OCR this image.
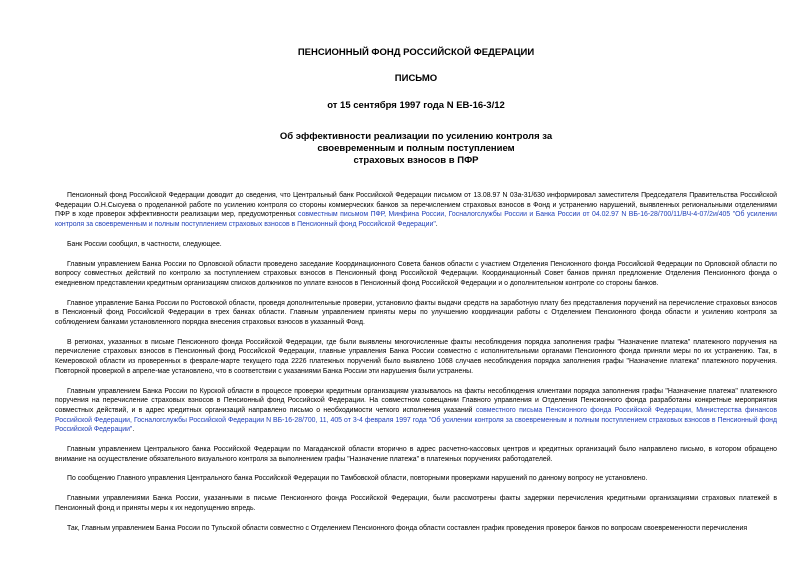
ПЕНСИОННЫЙ ФОНД РОССИЙСКОЙ ФЕДЕРАЦИИ
ПИСЬМО
от 15 сентября 1997 года N ЕВ-16-3/12
Об эффективности реализации по усилению контроля за
своевременным и полным поступлением
страховых взносов в ПФР

Пенсионный фонд Российской Федерации доводит до сведения, что Центральный банк Российской Федерации письмом от 13.08.97 N 03а-31/630 информировал заместителя Председателя Правительства Российской Федерации О.Н.Сысуева о проделанной работе по усилению контроля со стороны коммерческих банков за перечислением страховых взносов в Фонд и устранению нарушений, выявленных региональными отделениями ПФР в ходе проверок эффективности реализации мер, предусмотренных совместным письмом ПФР, Минфина России, Госналогслужбы России и Банка России от 04.02.97 N ВБ-16-28/700/11/ВЧ-4-07/2и/405 "Об усилении контроля за своевременным и полным поступлением страховых взносов в Пенсионный фонд Российской Федерации".

Банк России сообщил, в частности, следующее.

Главным управлением Банка России по Орловской области проведено заседание Координационного Совета банков области с участием Отделения Пенсионного фонда Российской Федерации по Орловской области по вопросу совместных действий по контролю за поступлением страховых взносов в Пенсионный фонд Российской Федерации. Координационный Совет банков принял предложение Отделения Пенсионного фонда о ежедневном представлении кредитным организациям списков должников по уплате взносов в Пенсионный фонд Российской Федерации и о дополнительном контроле со стороны банков.

Главное управление Банка России по Ростовской области, проведя дополнительные проверки, установило факты выдачи средств на заработную плату без представления поручений на перечисление страховых взносов в Пенсионный фонд Российской Федерации в трех банках области. Главным управлением приняты меры по улучшению координации работы с Отделением Пенсионного фонда области и усилению контроля за соблюдением банками установленного порядка внесения страховых взносов в указанный Фонд.

В регионах, указанных в письме Пенсионного фонда Российской Федерации, где были выявлены многочисленные факты несоблюдения порядка заполнения графы "Назначение платежа" платежного поручения на перечисление страховых взносов в Пенсионный фонд Российской Федерации, главные управления Банка России совместно с исполнительными органами Пенсионного фонда приняли меры по их устранению. Так, в Кемеровской области из проверенных в феврале-марте текущего года 2226 платежных поручений было выявлено 1068 случаев несоблюдения порядка заполнения графы "Назначение платежа" платежного поручения. Повторной проверкой в апреле-мае установлено, что в соответствии с указаниями Банка России эти нарушения были устранены.

Главным управлением Банка России по Курской области в процессе проверки кредитным организациям указывалось на факты несоблюдения клиентами порядка заполнения графы "Назначение платежа" платежного поручения на перечисление страховых взносов в Пенсионный фонд Российской Федерации. На совместном совещании Главного управления и Отделения Пенсионного фонда разработаны конкретные мероприятия совместных действий, и в адрес кредитных организаций направлено письмо о необходимости четкого исполнения указаний совместного письма Пенсионного фонда Российской Федерации, Министерства финансов Российской Федерации, Госналогслужбы Российской Федерации N ВБ-16-28/700, 11, 405 от 3-4 февраля 1997 года "Об усилении контроля за своевременным и полным поступлением страховых взносов в Пенсионный фонд Российской Федерации".

Главным управлением Центрального банка Российской Федерации по Магаданской области вторично в адрес расчетно-кассовых центров и кредитных организаций было направлено письмо, в котором обращено внимание на осуществление обязательного визуального контроля за выполнением графы "Назначение платежа" в платежных поручениях работодателей.

По сообщению Главного управления Центрального банка Российской Федерации по Тамбовской области, повторными проверками нарушений по данному вопросу не установлено.

Главными управлениями Банка России, указанными в письме Пенсионного фонда Российской Федерации, были рассмотрены факты задержки перечисления кредитными организациями страховых платежей в Пенсионный фонд и приняты меры к их недопущению впредь.

Так, Главным управлением Банка России по Тульской области совместно с Отделением Пенсионного фонда области составлен график проведения проверок банков по вопросам своевременности перечисления
